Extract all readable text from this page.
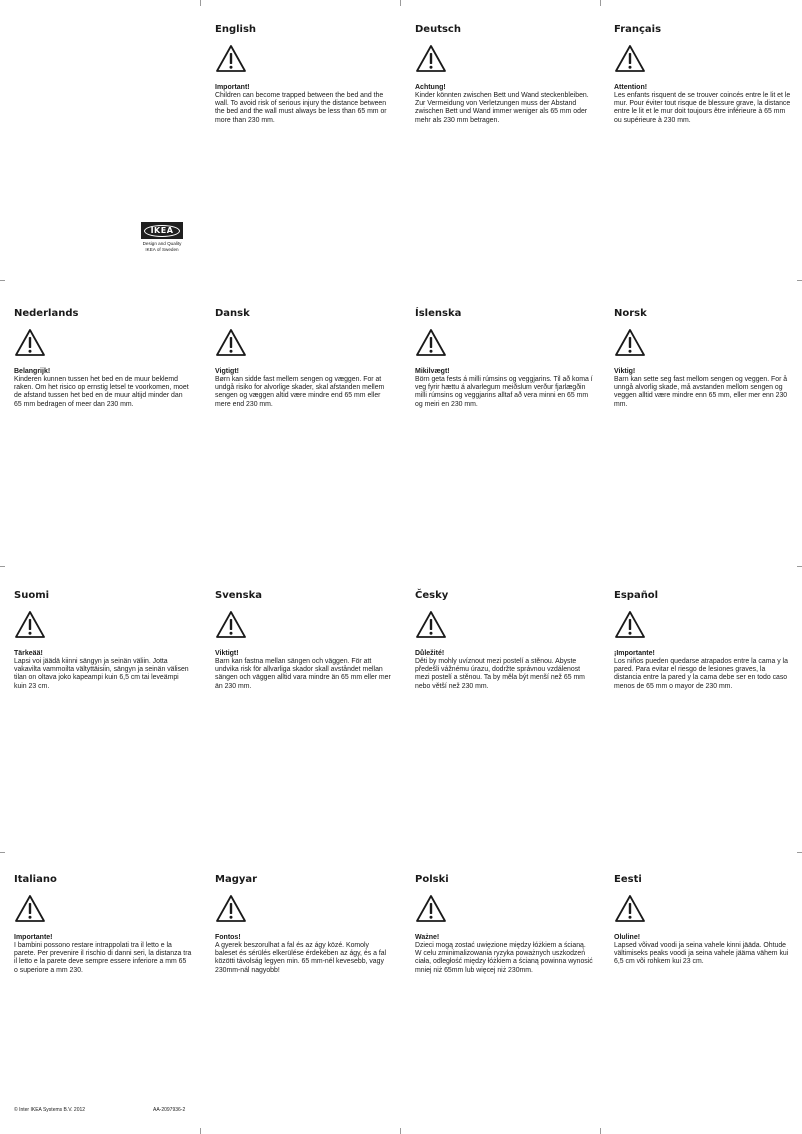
IKEA
Design and Quality
IKEA of Sweden
English
Important!

Children can become trapped between the bed and the wall. To avoid risk of serious injury the distance between the bed and the wall must always be less than 65 mm or more than 230 mm.

Deutsch
Achtung!

Kinder könnten zwischen Bett und Wand steckenbleiben. Zur Vermeidung von Verletzungen muss der Abstand zwischen Bett und Wand immer weniger als 65 mm oder mehr als 230 mm betragen.

Français
Attention!

Les enfants risquent de se trouver coincés entre le lit et le mur. Pour éviter tout risque de blessure grave, la distance entre le lit et le mur doit toujours être inférieure à 65 mm ou supérieure à 230 mm.

Nederlands
Belangrijk!

Kinderen kunnen tussen het bed en de muur beklemd raken. Om het risico op ernstig letsel te voorkomen, moet de afstand tussen het bed en de muur altijd minder dan 65 mm bedragen of meer dan 230 mm.

Dansk
Vigtigt!

Børn kan sidde fast mellem sengen og væggen. For at undgå risiko for alvorlige skader, skal afstanden mellem sengen og væggen altid være mindre end 65 mm eller mere end 230 mm.

Íslenska
Mikilvægt!

Börn geta fests á milli rúmsins og veggjarins. Til að koma í veg fyrir hættu á alvarlegum meiðslum verður fjarlægðin milli rúmsins og veggjarins alltaf að vera minni en 65 mm og meiri en 230 mm.

Norsk
Viktig!

Barn kan sette seg fast mellom sengen og veggen. For å unngå alvorlig skade, må avstanden mellom sengen og veggen alltid være mindre enn 65 mm, eller mer enn 230 mm.

Suomi
Tärkeää!

Lapsi voi jäädä kiinni sängyn ja seinän väliin. Jotta vakavilta vammoilta vältyttäisiin, sängyn ja seinän välisen tilan on oltava joko kapeampi kuin 6,5 cm tai leveämpi kuin 23 cm.

Svenska
Viktigt!

Barn kan fastna mellan sängen och väggen. För att undvika risk för allvarliga skador skall avståndet mellan sängen och väggen alltid vara mindre än 65 mm eller mer än 230 mm.

Česky
Důležité!

Děti by mohly uvíznout mezi postelí a stěnou. Abyste předešli vážnému úrazu, dodržte správnou vzdálenost mezi postelí a stěnou. Ta by měla být menší než 65 mm nebo větší než 230 mm.

Español
¡Importante!

Los niños pueden quedarse atrapados entre la cama y la pared. Para evitar el riesgo de lesiones graves, la distancia entre la pared y la cama debe ser en todo caso menos de 65 mm o mayor de 230 mm.

Italiano
Importante!

I bambini possono restare intrappolati tra il letto e la parete. Per prevenire il rischio di danni seri, la distanza tra il letto e la parete deve sempre essere inferiore a mm 65 o superiore a mm 230.

Magyar
Fontos!

A gyerek beszorulhat a fal és az ágy közé. Komoly baleset és sérülés elkerülése érdekében az ágy, és a fal közötti távolság legyen min. 65 mm-nél kevesebb, vagy 230mm-nál nagyobb!

Polski
Ważne!

Dzieci mogą zostać uwięzione między łóżkiem a ścianą. W celu zminimalizowania ryzyka poważnych uszkodzeń ciała, odległość między łóżkiem a ścianą powinna wynosić mniej niż 65mm lub więcej niż 230mm.

Eesti
Oluline!

Lapsed võivad voodi ja seina vahele kinni jääda. Ohtude vältimiseks peaks voodi ja seina vahele jääma vähem kui 6,5 cm või rohkem kui 23 cm.

© Inter IKEA Systems B.V. 2012	AA-2097936-2
